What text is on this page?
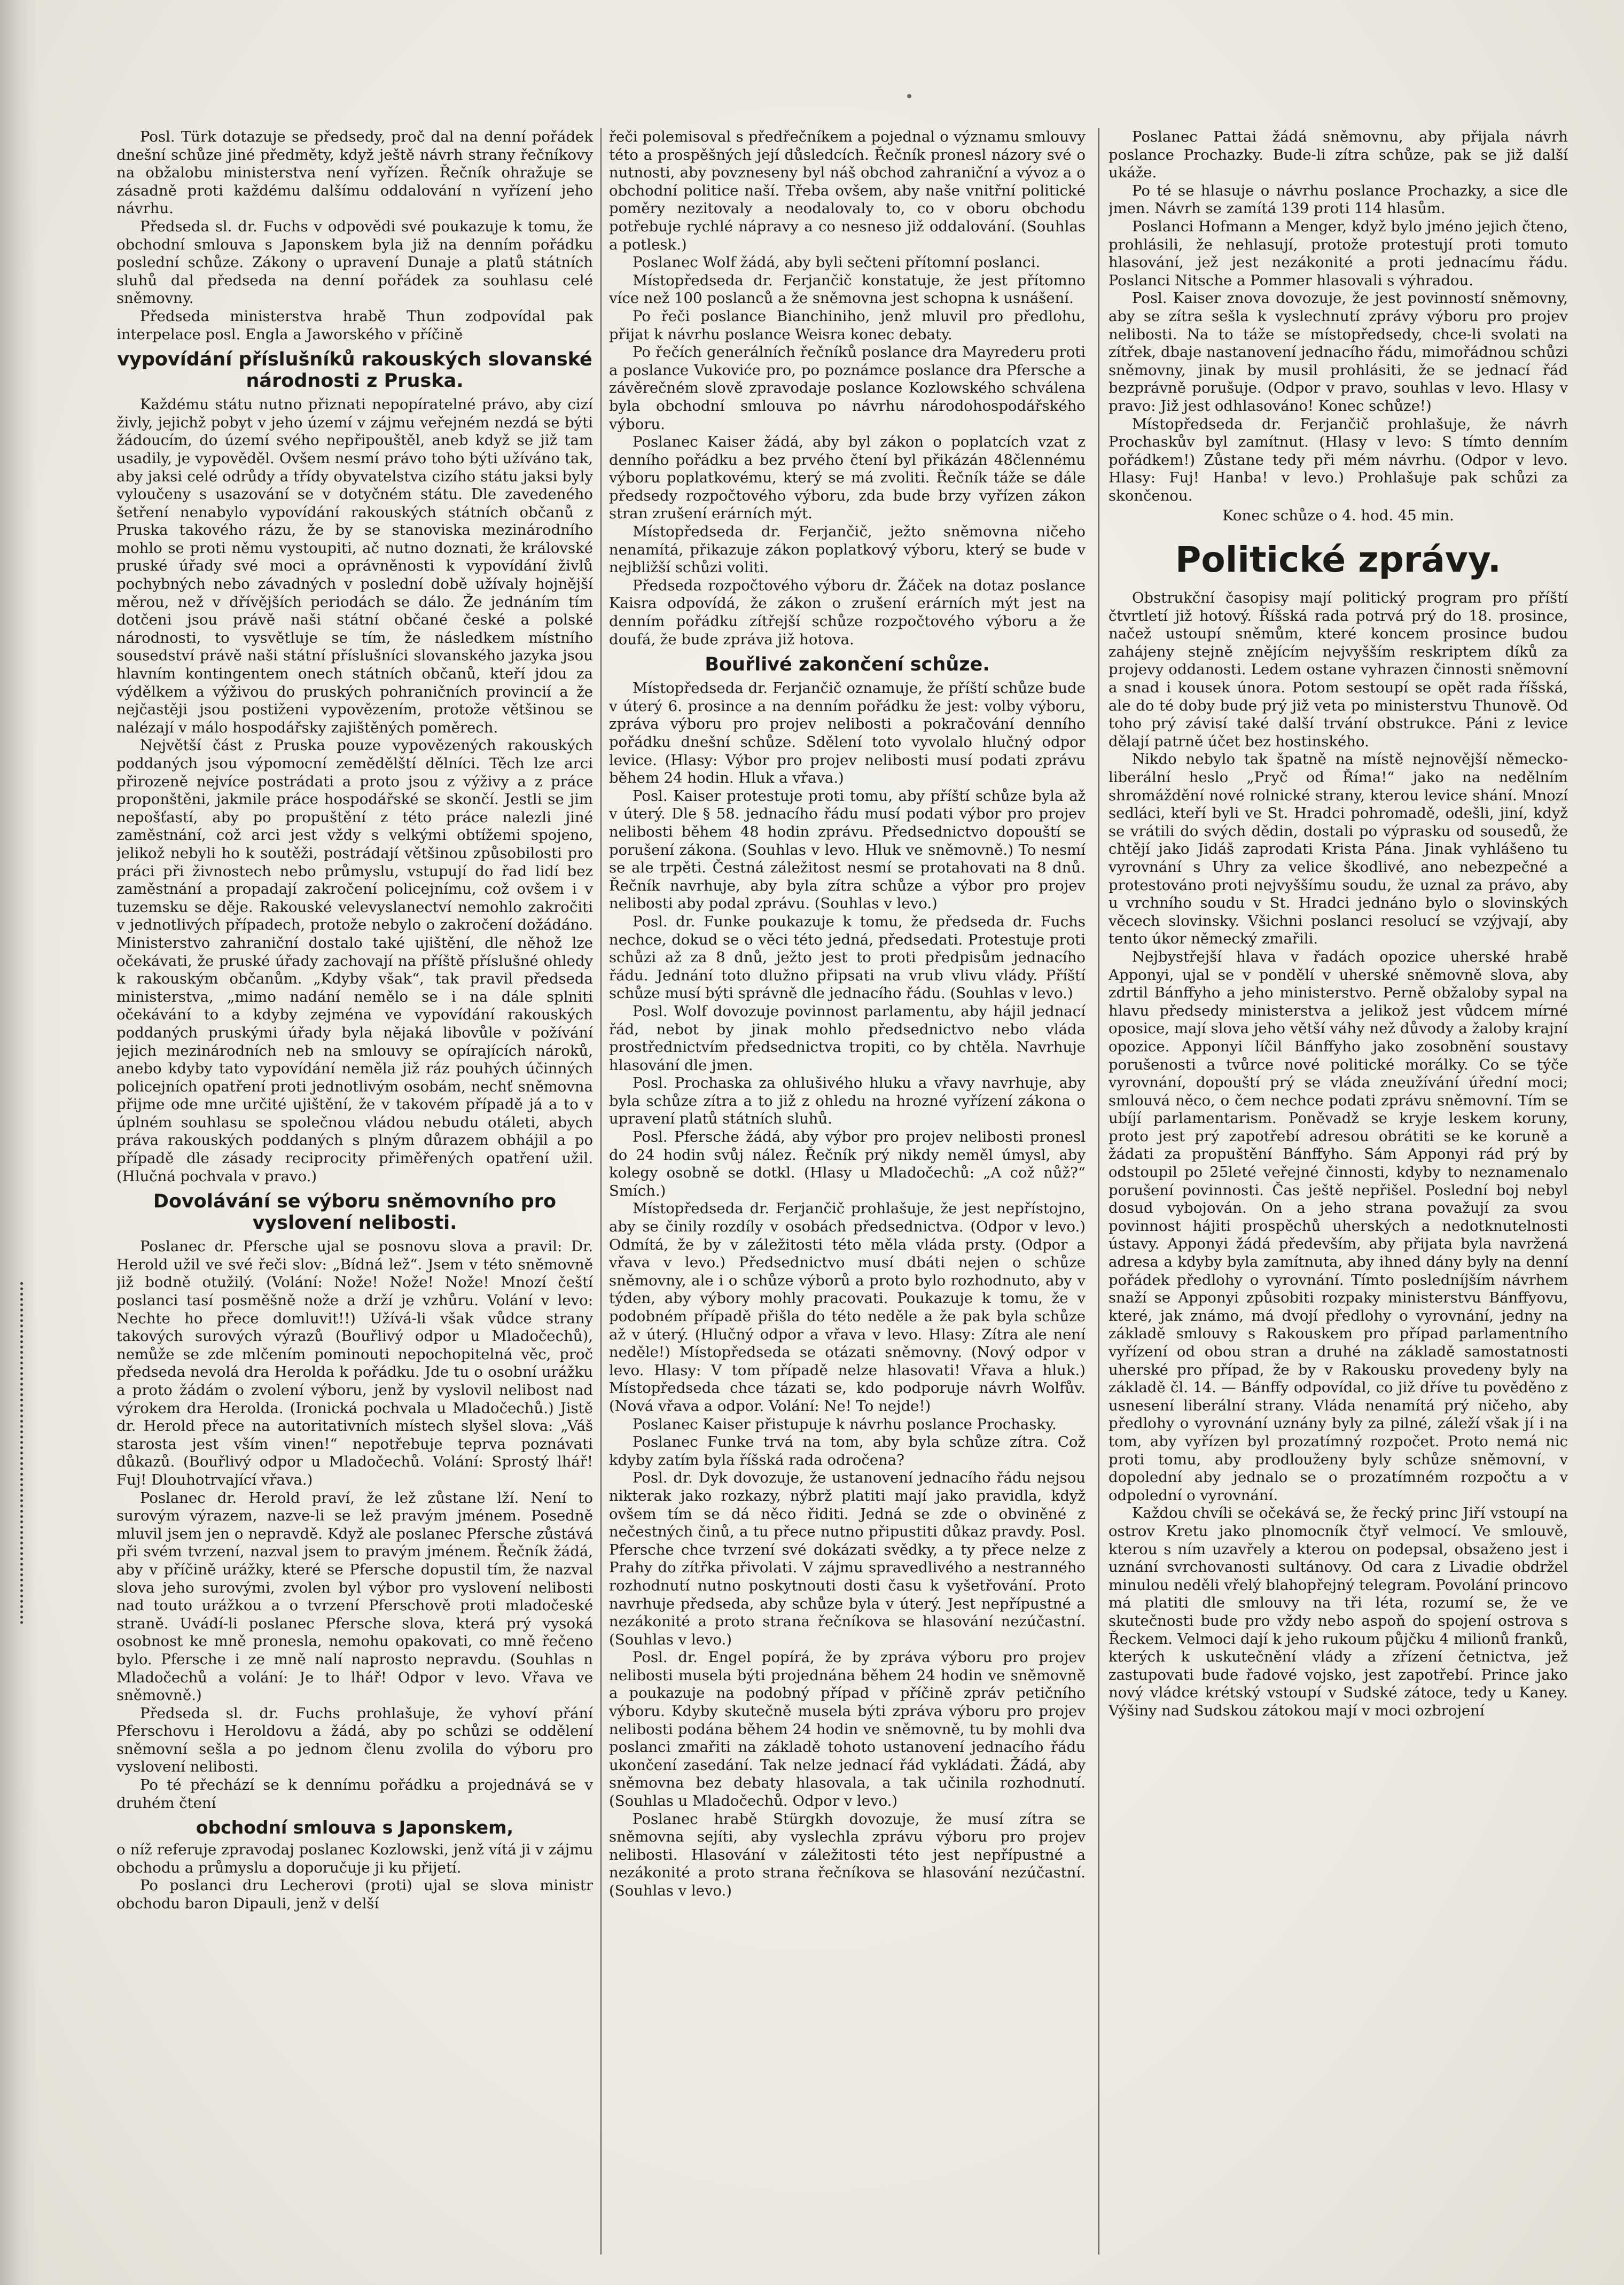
Posl. Türk dotazuje se předsedy, proč dal na denní pořádek dnešní schůze jiné předměty, když ještě návrh strany řečníkovy na obžalobu ministerstva není vyřízen. Řečník ohražuje se zásadně proti každému dalšímu oddalování n vyřízení jeho návrhu.

Předseda sl. dr. Fuchs v odpovědi své poukazuje k tomu, že obchodní smlouva s Japonskem byla již na denním pořádku poslední schůze. Zákony o upravení Dunaje a platů státních sluhů dal předseda na denní pořádek za souhlasu celé sněmovny.

Předseda ministerstva hrabě Thun zodpovídal pak interpelace posl. Engla a Jaworského v příčině

vypovídání příslušníků rakouských slovanské národnosti z Pruska.

Každému státu nutno přiznati nepopíratelné právo, aby cizí živly, jejichž pobyt v jeho území v zájmu veřejném nezdá se býti žádoucím, do území svého nepřipouštěl, aneb když se již tam usadily, je vypověděl. Ovšem nesmí právo toho býti užíváno tak, aby jaksi celé odrůdy a třídy obyvatelstva cizího státu jaksi byly vyloučeny s usazování se v dotyčném státu. Dle zavedeného šetření nenabylo vypovídání rakouských státních občanů z Pruska takového rázu, že by se stanoviska mezinárodního mohlo se proti němu vystoupiti, ač nutno doznati, že královské pruské úřady své moci a oprávněnosti k vypovídání živlů pochybných nebo závadných v poslední době užívaly hojnější měrou, než v dřívějších periodách se dálo. Že jednáním tím dotčeni jsou právě naši státní občané české a polské národnosti, to vysvětluje se tím, že následkem místního sousedství právě naši státní příslušníci slovanského jazyka jsou hlavním kontingentem onech státních občanů, kteří jdou za výdělkem a výživou do pruských pohraničních provincií a že nejčastěji jsou postiženi vypovězením, protože většinou se nalézají v málo hospodářsky zajištěných poměrech.

Největší část z Pruska pouze vypovězených rakouských poddaných jsou výpomocní zemědělští dělníci. Těch lze arci přirozeně nejvíce postrádati a proto jsou z výživy a z práce proponštěni, jakmile práce hospodářské se skončí. Jestli se jim nepošťastí, aby po propuštění z této práce nalezli jiné zaměstnání, což arci jest vždy s velkými obtížemi spojeno, jelikož nebyli ho k soutěži, postrádají většinou způsobilosti pro práci při živnostech nebo průmyslu, vstupují do řad lidí bez zaměstnání a propadají zakročení policejnímu, což ovšem i v tuzemsku se děje. Rakouské velevyslanectví nemohlo zakročiti v jednotlivých případech, protože nebylo o zakročení dožádáno. Ministerstvo zahraniční dostalo také ujištění, dle něhož lze očekávati, že pruské úřady zachovají na příště příslušné ohledy k rakouským občanům. „Kdyby však“, tak pravil předseda ministerstva, „mimo nadání nemělo se i na dále splniti očekávání to a kdyby zejména ve vypovídání rakouských poddaných pruskými úřady byla nějaká libovůle v požívání jejich mezinárodních neb na smlouvy se opírajících nároků, anebo kdyby tato vypovídání neměla již ráz pouhých účinných policejních opatření proti jednotlivým osobám, nechť sněmovna přijme ode mne určité ujištění, že v takovém případě já a to v úplném souhlasu se společnou vládou nebudu otáleti, abych práva rakouských poddaných s plným důrazem obhájil a po případě dle zásady reciprocity přiměřených opatření užil. (Hlučná pochvala v pravo.)

Dovolávání se výboru sněmovního pro vyslovení nelibosti.

Poslanec dr. Pfersche ujal se posnovu slova a pravil: Dr. Herold užil ve své řeči slov: „Bídná lež“. Jsem v této sněmovně již bodně otužilý. (Volání: Nože! Nože! Nože! Mnozí čeští poslanci tasí posměšně nože a drží je vzhůru. Volání v levo: Nechte ho přece domluvit!!) Užívá-li však vůdce strany takových surových výrazů (Bouřlivý odpor u Mladočechů), nemůže se zde mlčením pominouti nepochopitelná věc, proč předseda nevolá dra Herolda k pořádku. Jde tu o osobní urážku a proto žádám o zvolení výboru, jenž by vyslovil nelibost nad výrokem dra Herolda. (Ironická pochvala u Mladočechů.) Jistě dr. Herold přece na autoritativních místech slyšel slova: „Váš starosta jest vším vinen!“ nepotřebuje teprva poznávati důkazů. (Bouřlivý odpor u Mladočechů. Volání: Sprostý lhář! Fuj! Dlouhotrvající vřava.)

Poslanec dr. Herold praví, že lež zůstane lží. Není to surovým výrazem, nazve-li se lež pravým jménem. Posedně mluvil jsem jen o nepravdě. Když ale poslanec Pfersche zůstává při svém tvrzení, nazval jsem to pravým jménem. Řečník žádá, aby v příčině urážky, které se Pfersche dopustil tím, že nazval slova jeho surovými, zvolen byl výbor pro vyslovení nelibosti nad touto urážkou a o tvrzení Pferschově proti mladočeské straně. Uvádí-li poslanec Pfersche slova, která prý vysoká osobnost ke mně pronesla, nemohu opakovati, co mně řečeno bylo. Pfersche i ze mně nalí naprosto nepravdu. (Souhlas n Mladočechů a volání: Je to lhář! Odpor v levo. Vřava ve sněmovně.)

Předseda sl. dr. Fuchs prohlašuje, že vyhoví přání Pferschovu i Heroldovu a žádá, aby po schůzi se oddělení sněmovní sešla a po jednom členu zvolila do výboru pro vyslovení nelibosti.

Po té přechází se k dennímu pořádku a projednává se v druhém čtení

obchodní smlouva s Japonskem,

o níž referuje zpravodaj poslanec Kozlowski, jenž vítá ji v zájmu obchodu a průmyslu a doporučuje ji ku přijetí.

Po poslanci dru Lecherovi (proti) ujal se slova ministr obchodu baron Dipauli, jenž v delší

řeči polemisoval s předřečníkem a pojednal o významu smlouvy této a prospěšných její důsledcích. Řečník pronesl názory své o nutnosti, aby povzneseny byl náš obchod zahraniční a vývoz a o obchodní politice naší. Třeba ovšem, aby naše vnitřní politické poměry nezitovaly a neodalovaly to, co v oboru obchodu potřebuje rychlé nápravy a co nesneso již oddalování. (Souhlas a potlesk.)

Poslanec Wolf žádá, aby byli sečteni přítomní poslanci.

Místopředseda dr. Ferjančič konstatuje, že jest přítomno více než 100 poslanců a že sněmovna jest schopna k usnášení.

Po řeči poslance Bianchiniho, jenž mluvil pro předlohu, přijat k návrhu poslance Weisra konec debaty.

Po řečích generálních řečníků poslance dra Mayrederu proti a poslance Vukoviće pro, po poznámce poslance dra Pfersche a závěrečném slově zpravodaje poslance Kozlowského schválena byla obchodní smlouva po návrhu národohospodářského výboru.

Poslanec Kaiser žádá, aby byl zákon o poplatcích vzat z denního pořádku a bez prvého čtení byl přikázán 48člennému výboru poplatkovému, který se má zvoliti. Řečník táže se dále předsedy rozpočtového výboru, zda bude brzy vyřízen zákon stran zrušení erárních mýt.

Místopředseda dr. Ferjančič, ježto sněmovna ničeho nenamítá, přikazuje zákon poplatkový výboru, který se bude v nejbližší schůzi voliti.

Předseda rozpočtového výboru dr. Žáček na dotaz poslance Kaisra odpovídá, že zákon o zrušení erárních mýt jest na denním pořádku zítřejší schůze rozpočtového výboru a že doufá, že bude zpráva již hotova.

Bouřlivé zakončení schůze.

Místopředseda dr. Ferjančič oznamuje, že příští schůze bude v úterý 6. prosince a na denním pořádku že jest: volby výboru, zpráva výboru pro projev nelibosti a pokračování denního pořádku dnešní schůze. Sdělení toto vyvolalo hlučný odpor levice. (Hlasy: Výbor pro projev nelibosti musí podati zprávu během 24 hodin. Hluk a vřava.)

Posl. Kaiser protestuje proti tomu, aby příští schůze byla až v úterý. Dle § 58. jednacího řádu musí podati výbor pro projev nelibosti během 48 hodin zprávu. Předsednictvo dopouští se porušení zákona. (Souhlas v levo. Hluk ve sněmovně.) To nesmí se ale trpěti. Čestná záležitost nesmí se protahovati na 8 dnů. Řečník navrhuje, aby byla zítra schůze a výbor pro projev nelibosti aby podal zprávu. (Souhlas v levo.)

Posl. dr. Funke poukazuje k tomu, že předseda dr. Fuchs nechce, dokud se o věci této jedná, předsedati. Protestuje proti schůzi až za 8 dnů, ježto jest to proti předpisům jednacího řádu. Jednání toto dlužno připsati na vrub vlivu vlády. Příští schůze musí býti správně dle jednacího řádu. (Souhlas v levo.)

Posl. Wolf dovozuje povinnost parlamentu, aby hájil jednací řád, nebot by jinak mohlo předsednictvo nebo vláda prostřednictvím předsednictva tropiti, co by chtěla. Navrhuje hlasování dle jmen.

Posl. Prochaska za ohlušivého hluku a vřavy navrhuje, aby byla schůze zítra a to již z ohledu na hrozné vyřízení zákona o upravení platů státních sluhů.

Posl. Pfersche žádá, aby výbor pro projev nelibosti pronesl do 24 hodin svůj nález. Řečník prý nikdy neměl úmysl, aby kolegy osobně se dotkl. (Hlasy u Mladočechů: „A což nůž?“ Smích.)

Místopředseda dr. Ferjančič prohlašuje, že jest nepřístojno, aby se činily rozdíly v osobách předsednictva. (Odpor v levo.) Odmítá, že by v záležitosti této měla vláda prsty. (Odpor a vřava v levo.) Předsednictvo musí dbáti nejen o schůze sněmovny, ale i o schůze výborů a proto bylo rozhodnuto, aby v týden, aby výbory mohly pracovati. Poukazuje k tomu, že v podobném případě přišla do této neděle a že pak byla schůze až v úterý. (Hlučný odpor a vřava v levo. Hlasy: Zítra ale není neděle!) Místopředseda se otázati sněmovny. (Nový odpor v levo. Hlasy: V tom případě nelze hlasovati! Vřava a hluk.) Místopředseda chce tázati se, kdo podporuje návrh Wolfův. (Nová vřava a odpor. Volání: Ne! To nejde!)

Poslanec Kaiser přistupuje k návrhu poslance Prochasky.

Poslanec Funke trvá na tom, aby byla schůze zítra. Což kdyby zatím byla říšská rada odročena?

Posl. dr. Dyk dovozuje, že ustanovení jednacího řádu nejsou nikterak jako rozkazy, nýbrž platiti mají jako pravidla, když ovšem tím se dá něco řiditi. Jedná se zde o obviněné z nečestných činů, a tu přece nutno připustiti důkaz pravdy. Posl. Pfersche chce tvrzení své dokázati svědky, a ty přece nelze z Prahy do zítřka přivolati. V zájmu spravedlivého a nestranného rozhodnutí nutno poskytnouti dosti času k vyšetřování. Proto navrhuje předseda, aby schůze byla v úterý. Jest nepřípustné a nezákonité a proto strana řečníkova se hlasování nezúčastní. (Souhlas v levo.)

Posl. dr. Engel popírá, že by zpráva výboru pro projev nelibosti musela býti projednána během 24 hodin ve sněmovně a poukazuje na podobný případ v příčině zpráv petičního výboru. Kdyby skutečně musela býti zpráva výboru pro projev nelibosti podána během 24 hodin ve sněmovně, tu by mohli dva poslanci zmařiti na základě tohoto ustanovení jednacího řádu ukončení zasedání. Tak nelze jednací řád vykládati. Žádá, aby sněmovna bez debaty hlasovala, a tak učinila rozhodnutí. (Souhlas u Mladočechů. Odpor v levo.)

Poslanec hrabě Stürgkh dovozuje, že musí zítra se sněmovna sejíti, aby vyslechla zprávu výboru pro projev nelibosti. Hlasování v záležitosti této jest nepřípustné a nezákonité a proto strana řečníkova se hlasování nezúčastní. (Souhlas v levo.)

Poslanec Pattai žádá sněmovnu, aby přijala návrh poslance Prochazky. Bude-li zítra schůze, pak se již další ukáže.

Po té se hlasuje o návrhu poslance Prochazky, a sice dle jmen. Návrh se zamítá 139 proti 114 hlasům.

Poslanci Hofmann a Menger, když bylo jméno jejich čteno, prohlásili, že nehlasují, protože protestují proti tomuto hlasování, jež jest nezákonité a proti jednacímu řádu. Poslanci Nitsche a Pommer hlasovali s výhradou.

Posl. Kaiser znova dovozuje, že jest povinností sněmovny, aby se zítra sešla k vyslechnutí zprávy výboru pro projev nelibosti. Na to táže se místopředsedy, chce-li svolati na zítřek, dbaje nastanovení jednacího řádu, mimořádnou schůzi sněmovny, jinak by musil prohlásiti, že se jednací řád bezprávně porušuje. (Odpor v pravo, souhlas v levo. Hlasy v pravo: Již jest odhlasováno! Konec schůze!)

Místopředseda dr. Ferjančič prohlašuje, že návrh Prochaskův byl zamítnut. (Hlasy v levo: S tímto denním pořádkem!) Zůstane tedy při mém návrhu. (Odpor v levo. Hlasy: Fuj! Hanba! v levo.) Prohlašuje pak schůzi za skončenou.

Konec schůze o 4. hod. 45 min.

Politické zprávy.

Obstrukční časopisy mají politický program pro příští čtvrtletí již hotový. Říšská rada potrvá prý do 18. prosince, načež ustoupí sněmům, které koncem prosince budou zahájeny stejně znějícím nejvyšším reskriptem díků za projevy oddanosti. Ledem ostane vyhrazen činnosti sněmovní a snad i kousek února. Potom sestoupí se opět rada říšská, ale do té doby bude prý již veta po ministerstvu Thunově. Od toho prý závisí také další trvání obstrukce. Páni z levice dělají patrně účet bez hostinského.

Nikdo nebylo tak špatně na místě nejnovější německo-liberální heslo „Pryč od Říma!“ jako na nedělním shromáždění nové rolnické strany, kterou levice shání. Mnozí sedláci, kteří byli ve St. Hradci pohromadě, odešli, jiní, když se vrátili do svých dědin, dostali po výprasku od sousedů, že chtějí jako Jidáš zaprodati Krista Pána. Jinak vyhlášeno tu vyrovnání s Uhry za velice škodlivé, ano nebezpečné a protestováno proti nejvyššímu soudu, že uznal za právo, aby u vrchního soudu v St. Hradci jednáno bylo o slovinských věcech slovinsky. Všichni poslanci resolucí se vzýjvají, aby tento úkor německý zmařili.

Nejbystřejší hlava v řadách opozice uherské hrabě Apponyi, ujal se v pondělí v uherské sněmovně slova, aby zdrtil Bánffyho a jeho ministerstvo. Perně obžaloby sypal na hlavu předsedy ministerstva a jelikož jest vůdcem mírné oposice, mají slova jeho větší váhy než důvody a žaloby krajní opozice. Apponyi líčil Bánffyho jako zosobnění soustavy porušenosti a tvůrce nové politické morálky. Co se týče vyrovnání, dopouští prý se vláda zneužívání úřední moci; smlouvá něco, o čem nechce podati zprávu sněmovní. Tím se ubíjí parlamentarism. Poněvadž se kryje leskem koruny, proto jest prý zapotřebí adresou obrátiti se ke koruně a žádati za propuštění Bánffyho. Sám Apponyi rád prý by odstoupil po 25leté veřejné činnosti, kdyby to neznamenalo porušení povinnosti. Čas ještě nepřišel. Poslední boj nebyl dosud vybojován. On a jeho strana považují za svou povinnost hájiti prospěchů uherských a nedotknutelnosti ústavy. Apponyi žádá především, aby přijata byla navržená adresa a kdyby byla zamítnuta, aby ihned dány byly na denní pořádek předlohy o vyrovnání. Tímto posledníjším návrhem snaží se Apponyi způsobiti rozpaky ministerstvu Bánffyovu, které, jak známo, má dvojí předlohy o vyrovnání, jedny na základě smlouvy s Rakouskem pro případ parlamentního vyřízení od obou stran a druhé na základě samostatnosti uherské pro případ, že by v Rakousku provedeny byly na základě čl. 14. — Bánffy odpovídal, co již dříve tu pověděno z usnesení liberální strany. Vláda nenamítá prý ničeho, aby předlohy o vyrovnání uznány byly za pilné, záleží však jí i na tom, aby vyřízen byl prozatímný rozpočet. Proto nemá nic proti tomu, aby prodlouženy byly schůze sněmovní, v dopolední aby jednalo se o prozatímném rozpočtu a v odpolední o vyrovnání.

Každou chvíli se očekává se, že řecký princ Jiří vstoupí na ostrov Kretu jako plnomocník čtyř velmocí. Ve smlouvě, kterou s ním uzavřely a kterou on podepsal, obsaženo jest i uznání svrchovanosti sultánovy. Od cara z Livadie obdržel minulou neděli vřelý blahopřejný telegram. Povolání princovo má platiti dle smlouvy na tři léta, rozumí se, že ve skutečnosti bude pro vždy nebo aspoň do spojení ostrova s Řeckem. Velmoci dají k jeho rukoum půjčku 4 milionů franků, kterých k uskutečnění vlády a zřízení četnictva, jež zastupovati bude řadové vojsko, jest zapotřebí. Prince jako nový vládce krétský vstoupí v Sudské zátoce, tedy u Kaney. Výšiny nad Sudskou zátokou mají v moci ozbrojení
